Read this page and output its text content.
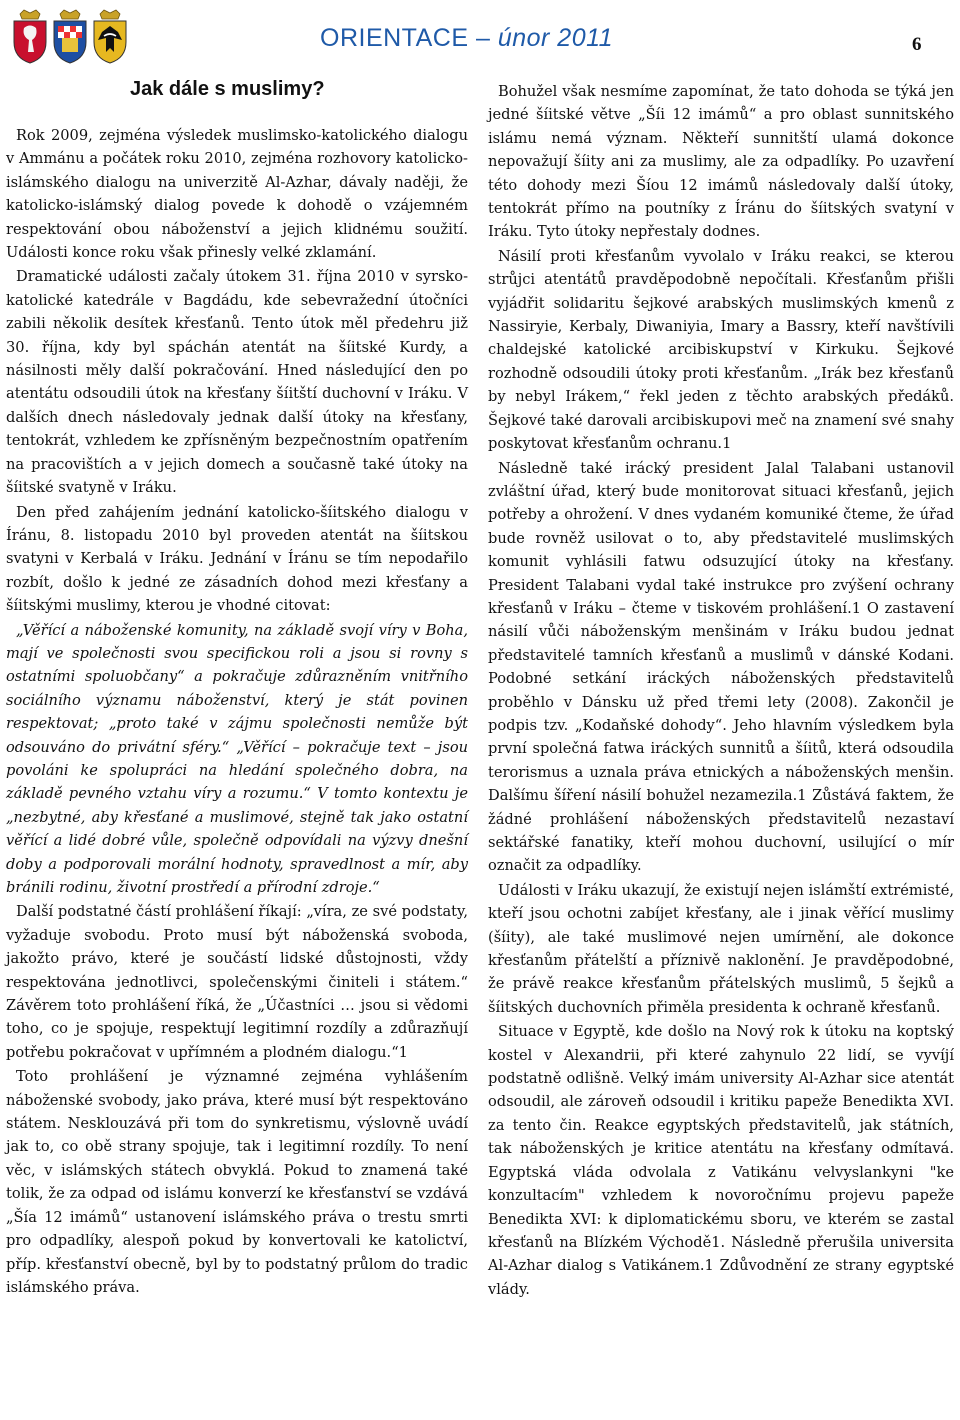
ORIENTACE – únor 2011	6
Jak dále s muslimy?

Rok 2009, zejména výsledek muslimsko-katolického dialogu v Ammánu a počátek roku 2010, zejména rozhovory katolicko-islámského dialogu na univerzitě Al-Azhar, dávaly naději, že katolicko-islámský dialog povede k dohodě o vzájemném respektování obou náboženství a jejich klidnému soužití. Události konce roku však přinesly velké zklamání.

Dramatické události začaly útokem 31. října 2010 v syrsko-katolické katedrále v Bagdádu, kde sebevražední útočníci zabili několik desítek křesťanů. Tento útok měl předehru již 30. října, kdy byl spáchán atentát na šíitské Kurdy, a násilnosti měly další pokračování. Hned následující den po atentátu odsoudili útok na křesťany šíitští duchovní v Iráku. V dalších dnech následovaly jednak další útoky na křesťany, tentokrát, vzhledem ke zpřísněným bezpečnostním opatřením na pracovištích a v jejich domech a současně také útoky na šíitské svatyně v Iráku.

Den před zahájením jednání katolicko-šíitského dialogu v Íránu, 8. listopadu 2010 byl proveden atentát na šíitskou svatyni v Kerbalá v Iráku. Jednání v Íránu se tím nepodařilo rozbít, došlo k jedné ze zásadních dohod mezi křesťany a šíitskými muslimy, kterou je vhodné citovat:

„Věřící a náboženské komunity, na základě svojí víry v Boha, mají ve společnosti svou specifickou roli a jsou si rovny s ostatními spoluobčany“ a pokračuje zdůrazněním vnitřního sociálního významu náboženství, který je stát povinen respektovat; „proto také v zájmu společnosti nemůže být odsouváno do privátní sféry.“ „Věřící – pokračuje text – jsou povoláni ke spolupráci na hledání společného dobra, na základě pevného vztahu víry a rozumu.“ V tomto kontextu je „nezbytné, aby křesťané a muslimové, stejně tak jako ostatní věřící a lidé dobré vůle, společně odpovídali na výzvy dnešní doby a podporovali morální hodnoty, spravedlnost a mír, aby bránili rodinu, životní prostředí a přírodní zdroje.“

Další podstatné částí prohlášení říkají: „víra, ze své podstaty, vyžaduje svobodu. Proto musí být náboženská svoboda, jakožto právo, které je součástí lidské důstojnosti, vždy respektována jednotlivci, společenskými činiteli i státem.“ Závěrem toto prohlášení říká, že „Účastníci … jsou si vědomi toho, co je spojuje, respektují legitimní rozdíly a zdůrazňují potřebu pokračovat v upřímném a plodném dialogu.“1

Toto prohlášení je významné zejména vyhlášením náboženské svobody, jako práva, které musí být respektováno státem. Nesklouzává při tom do synkretismu, výslovně uvádí jak to, co obě strany spojuje, tak i legitimní rozdíly. To není věc, v islámských státech obvyklá. Pokud to znamená také tolik, že za odpad od islámu konverzí ke křesťanství se vzdává „Šía 12 imámů“ ustanovení islámského práva o trestu smrti pro odpadlíky, alespoň pokud by konvertovali ke katolictví, příp. křesťanství obecně, byl by to podstatný průlom do tradic islámského práva.

Bohužel však nesmíme zapomínat, že tato dohoda se týká jen jedné šíitské větve „Šíi 12 imámů“ a pro oblast sunnitského islámu nemá význam. Někteří sunnitští ulamá dokonce nepovažují šíity ani za muslimy, ale za odpadlíky. Po uzavření této dohody mezi Šíou 12 imámů následovaly další útoky, tentokrát přímo na poutníky z Íránu do šíitských svatyní v Iráku. Tyto útoky nepřestaly dodnes.

Násilí proti křesťanům vyvolalo v Iráku reakci, se kterou strůjci atentátů pravděpodobně nepočítali. Křesťanům přišli vyjádřit solidaritu šejkové arabských muslimských kmenů z Nassiryie, Kerbaly, Diwaniyia, Imary a Bassry, kteří navštívili chaldejské katolické arcibiskupství v Kirkuku. Šejkové rozhodně odsoudili útoky proti křesťanům. „Irák bez křesťanů by nebyl Irákem,“ řekl jeden z těchto arabských předáků. Šejkové také darovali arcibiskupovi meč na znamení své snahy poskytovat křesťanům ochranu.1

Následně také irácký president Jalal Talabani ustanovil zvláštní úřad, který bude monitorovat situaci křesťanů, jejich potřeby a ohrožení. V dnes vydaném komuniké čteme, že úřad bude rovněž usilovat o to, aby představitelé muslimských komunit vyhlásili fatwu odsuzující útoky na křesťany. President Talabani vydal také instrukce pro zvýšení ochrany křesťanů v Iráku – čteme v tiskovém prohlášení.1 O zastavení násilí vůči náboženským menšinám v Iráku budou jednat představitelé tamních křesťanů a muslimů v dánské Kodani. Podobné setkání iráckých náboženských představitelů proběhlo v Dánsku už před třemi lety (2008). Zakončil je podpis tzv. „Kodaňské dohody“. Jeho hlavním výsledkem byla první společná fatwa iráckých sunnitů a šíitů, která odsoudila terorismus a uznala práva etnických a náboženských menšin. Dalšímu šíření násilí bohužel nezamezila.1 Zůstává faktem, že žádné prohlášení náboženských představitelů nezastaví sektářské fanatiky, kteří mohou duchovní, usilující o mír označit za odpadlíky.

Události v Iráku ukazují, že existují nejen islámští extrémisté, kteří jsou ochotni zabíjet křesťany, ale i jinak věřící muslimy (šíity), ale také muslimové nejen umírnění, ale dokonce křesťanům přátelští a příznivě naklonění. Je pravděpodobné, že právě reakce křesťanům přátelských muslimů, 5 šejků a šíitských duchovních přiměla presidenta k ochraně křesťanů.

Situace v Egyptě, kde došlo na Nový rok k útoku na koptský kostel v Alexandrii, při které zahynulo 22 lidí, se vyvíjí podstatně odlišně. Velký imám university Al-Azhar sice atentát odsoudil, ale zároveň odsoudil i kritiku papeže Benedikta XVI. za tento čin. Reakce egyptských představitelů, jak státních, tak náboženských je kritice atentátu na křesťany odmítavá. Egyptská vláda odvolala z Vatikánu velvyslankyni "ke konzultacím" vzhledem k novoročnímu projevu papeže Benedikta XVI: k diplomatickému sboru, ve kterém se zastal křesťanů na Blízkém Východě1. Následně přerušila universita Al-Azhar dialog s Vatikánem.1 Zdůvodnění ze strany egyptské vlády.
